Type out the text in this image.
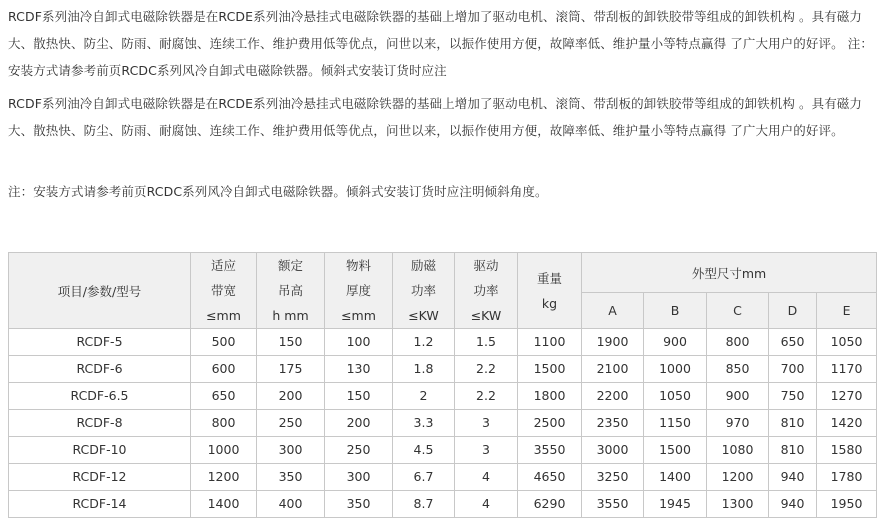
RCDF系列油冷自卸式电磁除铁器是在RCDE系列油冷悬挂式电磁除铁器的基础上增加了驱动电机、滚筒、带刮板的卸铁胶带等组成的卸铁机构 。具有磁力大、散热快、防尘、防雨、耐腐蚀、连续工作、维护费用低等优点，问世以来，以振作使用方便，故障率低、维护量小等特点赢得 了广大用户的好评。 注：安装方式请参考前页RCDC系列风冷自卸式电磁除铁器。倾斜式安装订货时应注

RCDF系列油冷自卸式电磁除铁器是在RCDE系列油冷悬挂式电磁除铁器的基础上增加了驱动电机、滚筒、带刮板的卸铁胶带等组成的卸铁机构 。具有磁力大、散热快、防尘、防雨、耐腐蚀、连续工作、维护费用低等优点，问世以来，以振作使用方便，故障率低、维护量小等特点赢得 了广大用户的好评。

注：安装方式请参考前页RCDC系列风冷自卸式电磁除铁器。倾斜式安装订货时应注明倾斜角度。

项目/参数/型号	适应
带宽
≤mm	额定
吊高
h mm	物料
厚度
≤mm	励磁
功率
≤KW	驱动
功率
≤KW	重量
kg	外型尺寸mm				
							A	B	C	D	E
RCDF-5	500	150	100	1.2	1.5	1100	1900	900	800	650	1050
RCDF-6	600	175	130	1.8	2.2	1500	2100	1000	850	700	1170
RCDF-6.5	650	200	150	2	2.2	1800	2200	1050	900	750	1270
RCDF-8	800	250	200	3.3	3	2500	2350	1150	970	810	1420
RCDF-10	1000	300	250	4.5	3	3550	3000	1500	1080	810	1580
RCDF-12	1200	350	300	6.7	4	4650	3250	1400	1200	940	1780
RCDF-14	1400	400	350	8.7	4	6290	3550	1945	1300	940	1950
